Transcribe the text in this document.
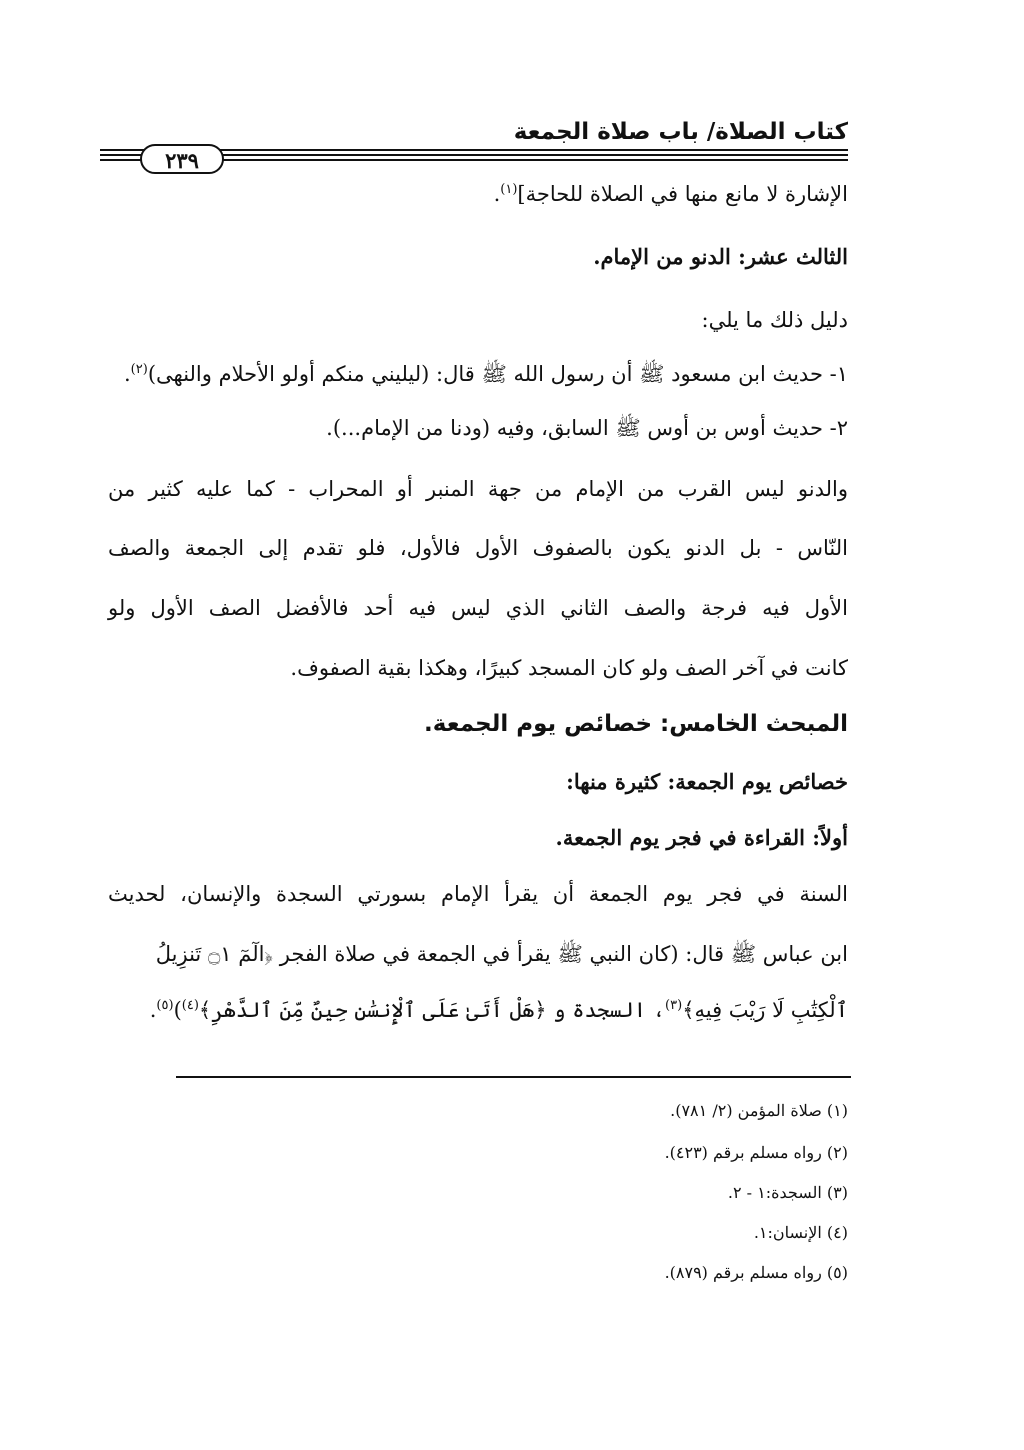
كتاب الصلاة/ باب صلاة الجمعة
٢٣٩
الإشارة لا مانع منها في الصلاة للحاجة]$^{(١)}$.
الثالث عشر: الدنو من الإمام.
دليل ذلك ما يلي:
١- حديث ابن مسعود ﷺ أن رسول الله ﷺ قال: (ليليني منكم أولو الأحلام والنهى)$^{(٢)}$.
٢- حديث أوس بن أوس ﷺ السابق، وفيه (ودنا من الإمام...).
والدنو ليس القرب من الإمام من جهة المنبر أو المحراب - كما عليه كثير من
النّاس - بل الدنو يكون بالصفوف الأول فالأول، فلو تقدم إلى الجمعة والصف
الأول فيه فرجة والصف الثاني الذي ليس فيه أحد فالأفضل الصف الأول ولو
كانت في آخر الصف ولو كان المسجد كبيرًا، وهكذا بقية الصفوف.
المبحث الخامس: خصائص يوم الجمعة.
خصائص يوم الجمعة: كثيرة منها:
أولاً: القراءة في فجر يوم الجمعة.
السنة في فجر يوم الجمعة أن يقرأ الإمام بسورتي السجدة والإنسان، لحديث
ابن عباس ﷺ قال: (كان النبي ﷺ يقرأ في الجمعة في صلاة الفجر ﴿الٓمٓ ۝١ تَنزِيلُ
ٱلْكِتَٰبِ لَا رَيْبَ فِيهِ﴾$^{(٣)}$، السجدة و ﴿هَلْ أَتَىٰ عَلَى ٱلْإِنسَٰنِ حِينٌ مِّنَ ٱلدَّهْرِ﴾$^{(٤)}$)$^{(٥)}$.
(١) صلاة المؤمن (٢/ ٧٨١).
(٢) رواه مسلم برقم (٤٢٣).
(٣) السجدة:١ - ٢.
(٤) الإنسان:١.
(٥) رواه مسلم برقم (٨٧٩).
